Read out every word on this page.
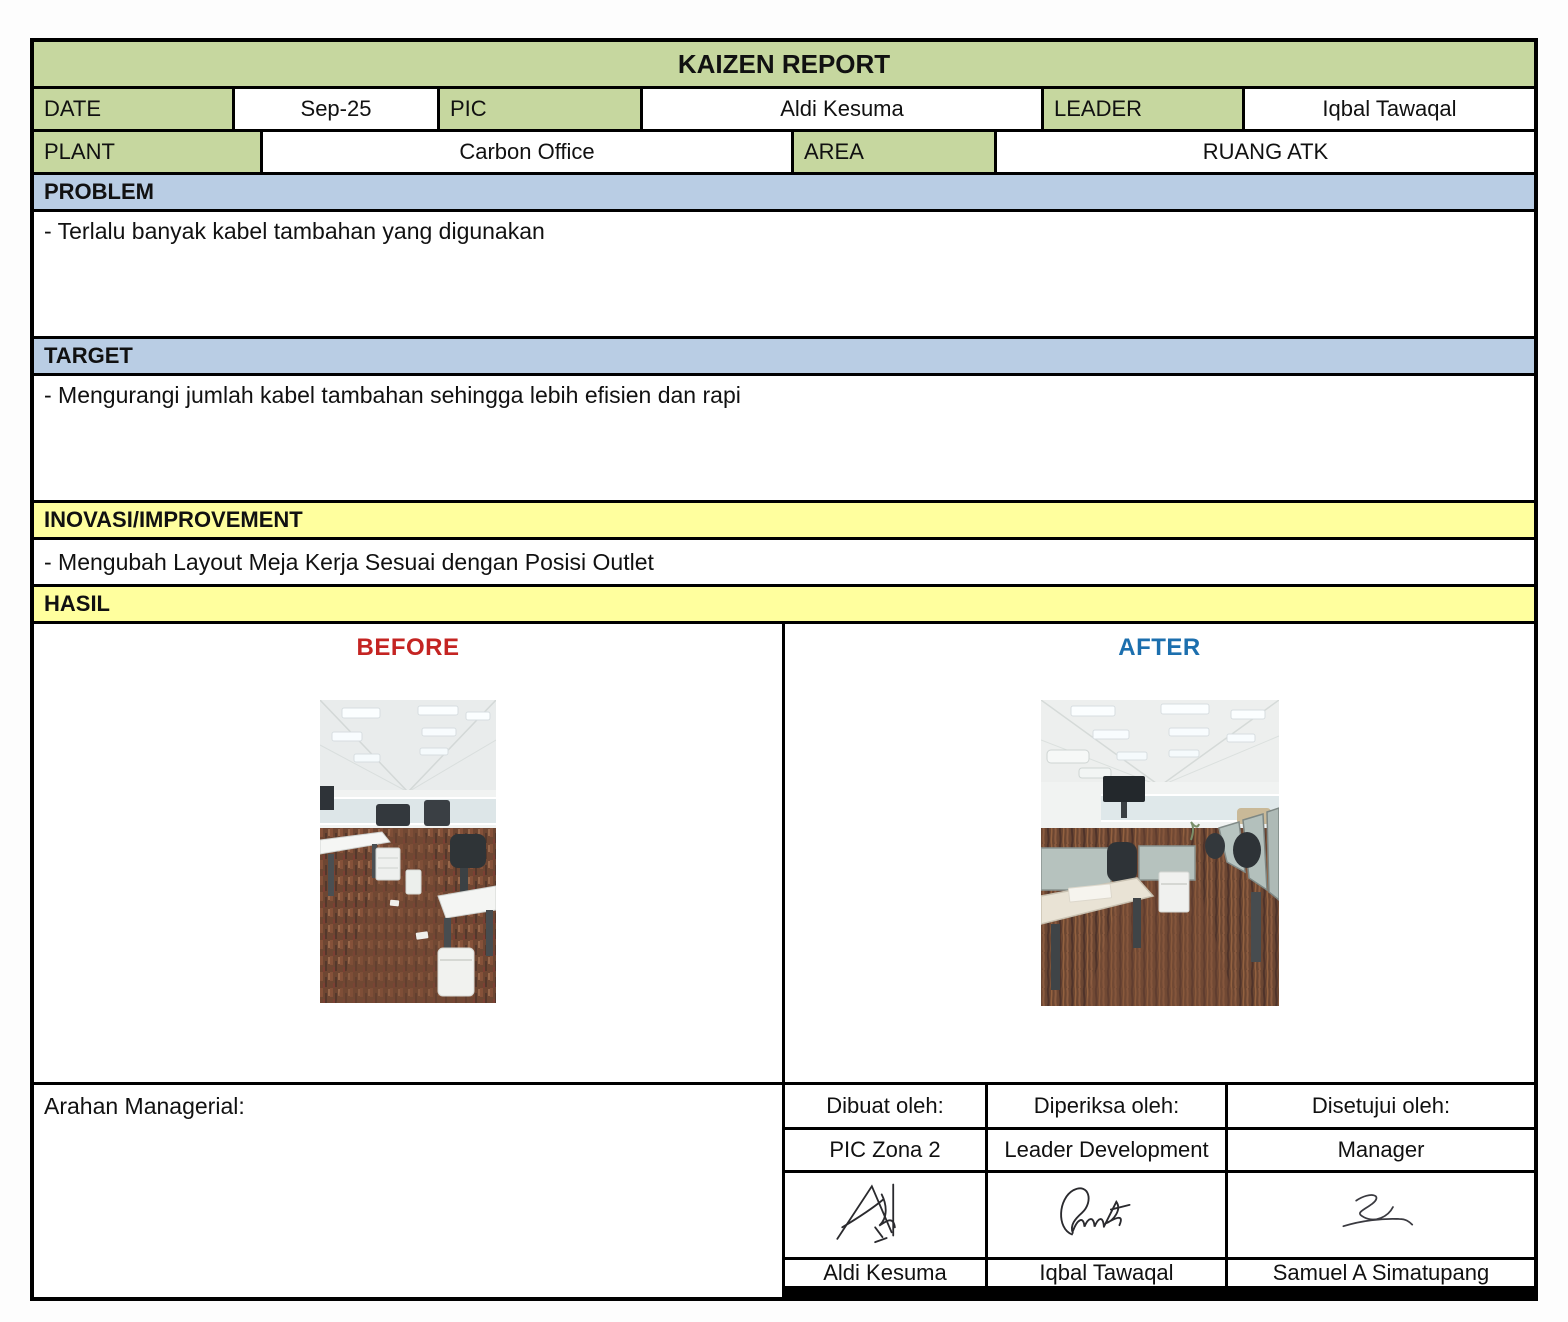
KAIZEN REPORT
DATE	Sep-25	PIC	Aldi Kesuma	LEADER	Iqbal Tawaqal
PLANT	Carbon Office	AREA	RUANG ATK
PROBLEM
- Terlalu banyak kabel tambahan yang digunakan
TARGET
- Mengurangi jumlah kabel tambahan sehingga lebih efisien dan rapi
INOVASI/IMPROVEMENT
- Mengubah Layout Meja Kerja Sesuai dengan Posisi Outlet
HASIL
BEFORE	AFTER
Arahan Managerial:	Dibuat oleh:	Diperiksa oleh:	Disetujui oleh:
PIC Zona 2	Leader Development	Manager
Aldi Kesuma	Iqbal Tawaqal	Samuel A Simatupang
